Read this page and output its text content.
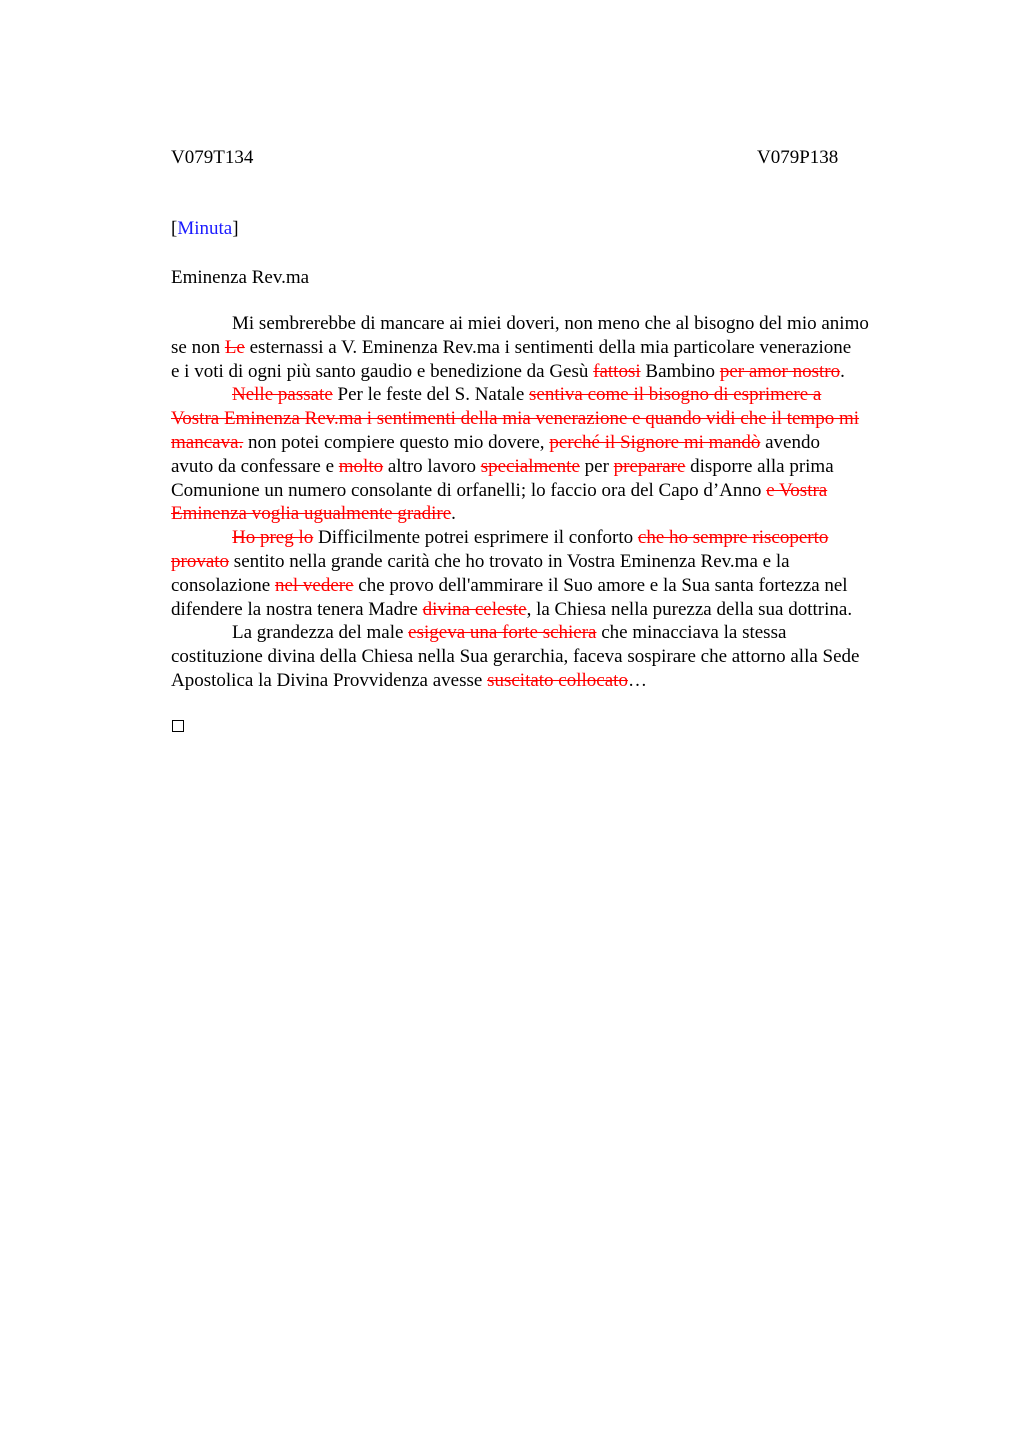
V079T134	V079P138
[Minuta]
Eminenza Rev.ma
Mi sembrerebbe di mancare ai miei doveri, non meno che al bisogno del mio animo
se non Le esternassi a V. Eminenza Rev.ma i sentimenti della mia particolare venerazione
e i voti di ogni più santo gaudio e benedizione da Gesù fattosi Bambino per amor nostro.
Nelle passate Per le feste del S. Natale sentiva come il bisogno di esprimere a
Vostra Eminenza Rev.ma i sentimenti della mia venerazione e quando vidi che il tempo mi
mancava. non potei compiere questo mio dovere, perché il Signore mi mandò avendo
avuto da confessare e molto altro lavoro specialmente per preparare disporre alla prima
Comunione un numero consolante di orfanelli; lo faccio ora del Capo d’Anno e Vostra
Eminenza voglia ugualmente gradire.
Ho preg lo Difficilmente potrei esprimere il conforto che ho sempre riscoperto
provato sentito nella grande carità che ho trovato in Vostra Eminenza Rev.ma e la
consolazione nel vedere che provo dell'ammirare il Suo amore e la Sua santa fortezza nel
difendere la nostra tenera Madre divina celeste, la Chiesa nella purezza della sua dottrina.
La grandezza del male esigeva una forte schiera che minacciava la stessa
costituzione divina della Chiesa nella Sua gerarchia, faceva sospirare che attorno alla Sede
Apostolica la Divina Provvidenza avesse suscitato collocato…
